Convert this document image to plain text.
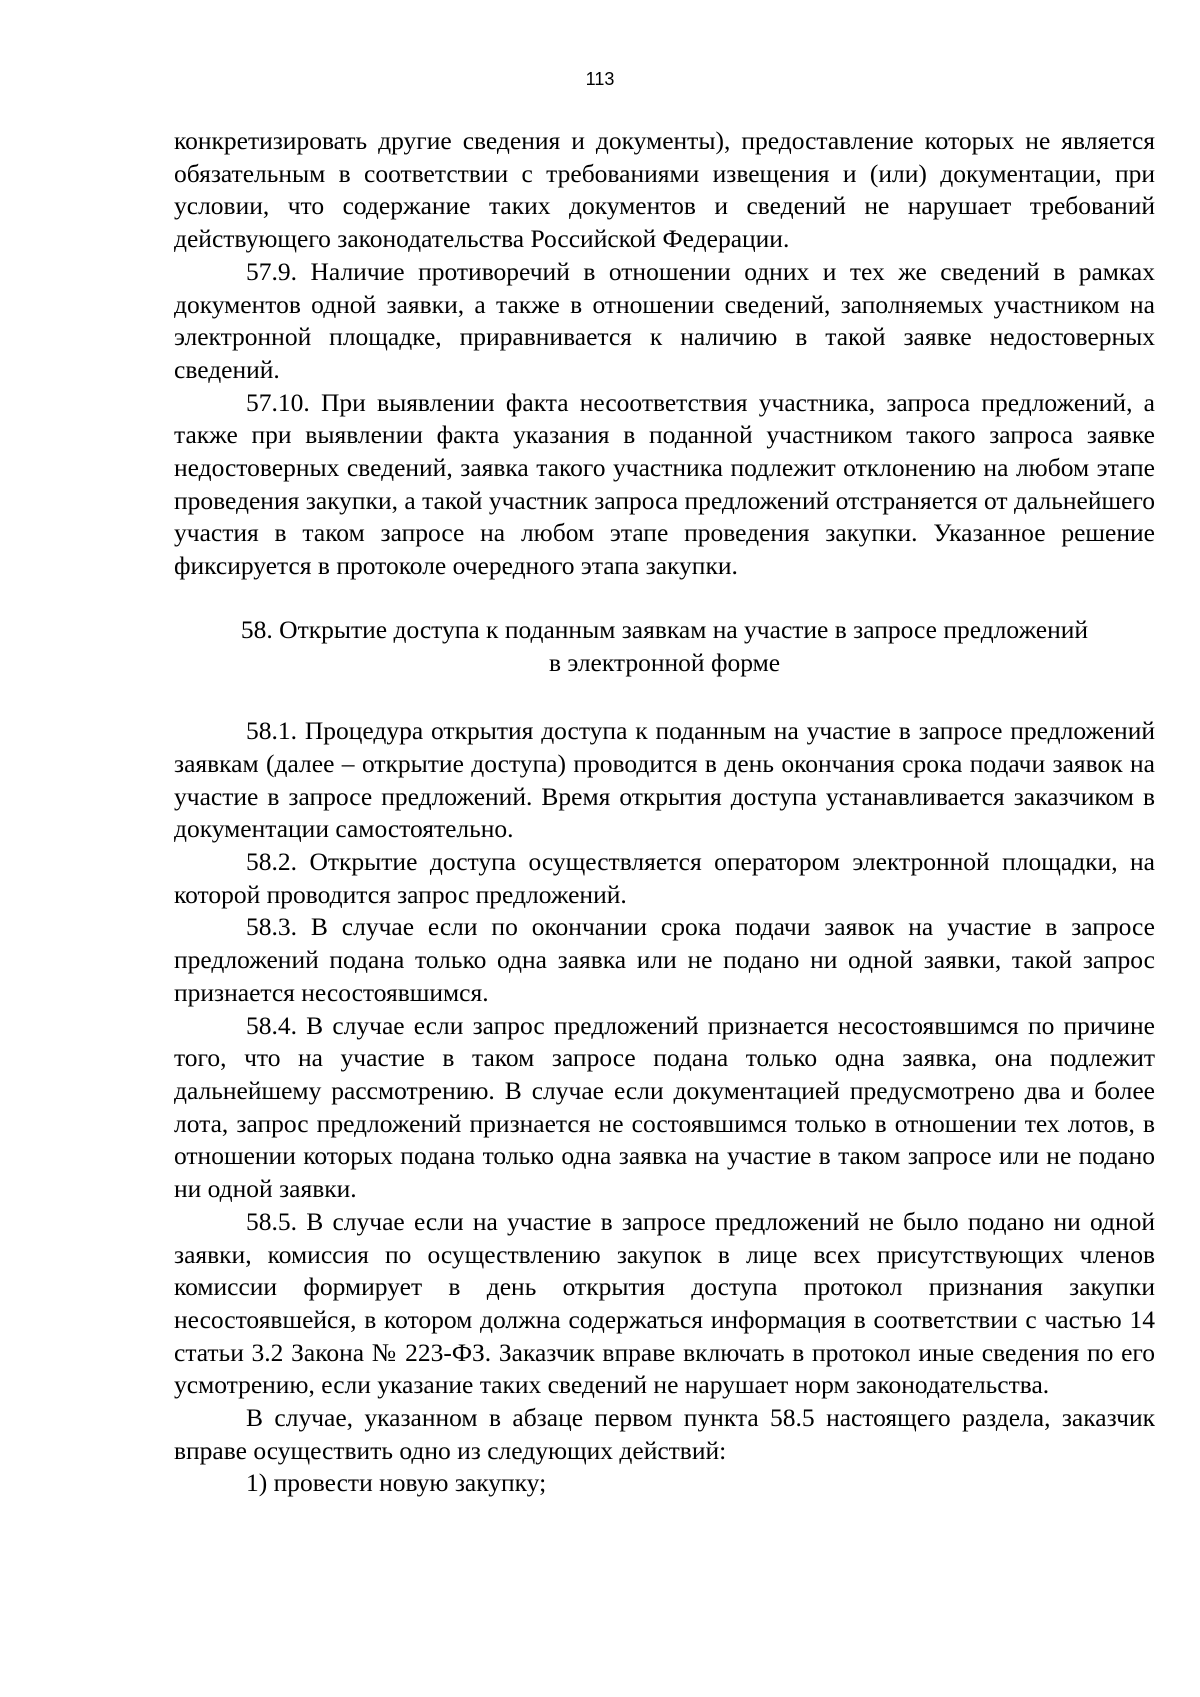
113

конкретизировать другие сведения и документы), предоставление которых не является обязательным в соответствии с требованиями извещения и (или) документации, при условии, что содержание таких документов и сведений не нарушает требований действующего законодательства Российской Федерации.

57.9. Наличие противоречий в отношении одних и тех же сведений в рамках документов одной заявки, а также в отношении сведений, заполняемых участником на электронной площадке, приравнивается к наличию в такой заявке недостоверных сведений.

57.10. При выявлении факта несоответствия участника, запроса предложений, а также при выявлении факта указания в поданной участником такого запроса заявке недостоверных сведений, заявка такого участника подлежит отклонению на любом этапе проведения закупки, а такой участник запроса предложений отстраняется от дальнейшего участия в таком запросе на любом этапе проведения закупки. Указанное решение фиксируется в протоколе очередного этапа закупки.

58. Открытие доступа к поданным заявкам на участие в запросе предложений
в электронной форме

58.1. Процедура открытия доступа к поданным на участие в запросе предложений заявкам (далее – открытие доступа) проводится в день окончания срока подачи заявок на участие в запросе предложений. Время открытия доступа устанавливается заказчиком в документации самостоятельно.

58.2. Открытие доступа осуществляется оператором электронной площадки, на которой проводится запрос предложений.

58.3. В случае если по окончании срока подачи заявок на участие в запросе предложений подана только одна заявка или не подано ни одной заявки, такой запрос признается несостоявшимся.

58.4. В случае если запрос предложений признается несостоявшимся по причине того, что на участие в таком запросе подана только одна заявка, она подлежит дальнейшему рассмотрению. В случае если документацией предусмотрено два и более лота, запрос предложений признается не состоявшимся только в отношении тех лотов, в отношении которых подана только одна заявка на участие в таком запросе или не подано ни одной заявки.

58.5. В случае если на участие в запросе предложений не было подано ни одной заявки, комиссия по осуществлению закупок в лице всех присутствующих членов комиссии формирует в день открытия доступа протокол признания закупки несостоявшейся, в котором должна содержаться информация в соответствии с частью 14 статьи 3.2 Закона № 223-ФЗ. Заказчик вправе включать в протокол иные сведения по его усмотрению, если указание таких сведений не нарушает норм законодательства.

В случае, указанном в абзаце первом пункта 58.5 настоящего раздела, заказчик вправе осуществить одно из следующих действий:

1) провести новую закупку;
